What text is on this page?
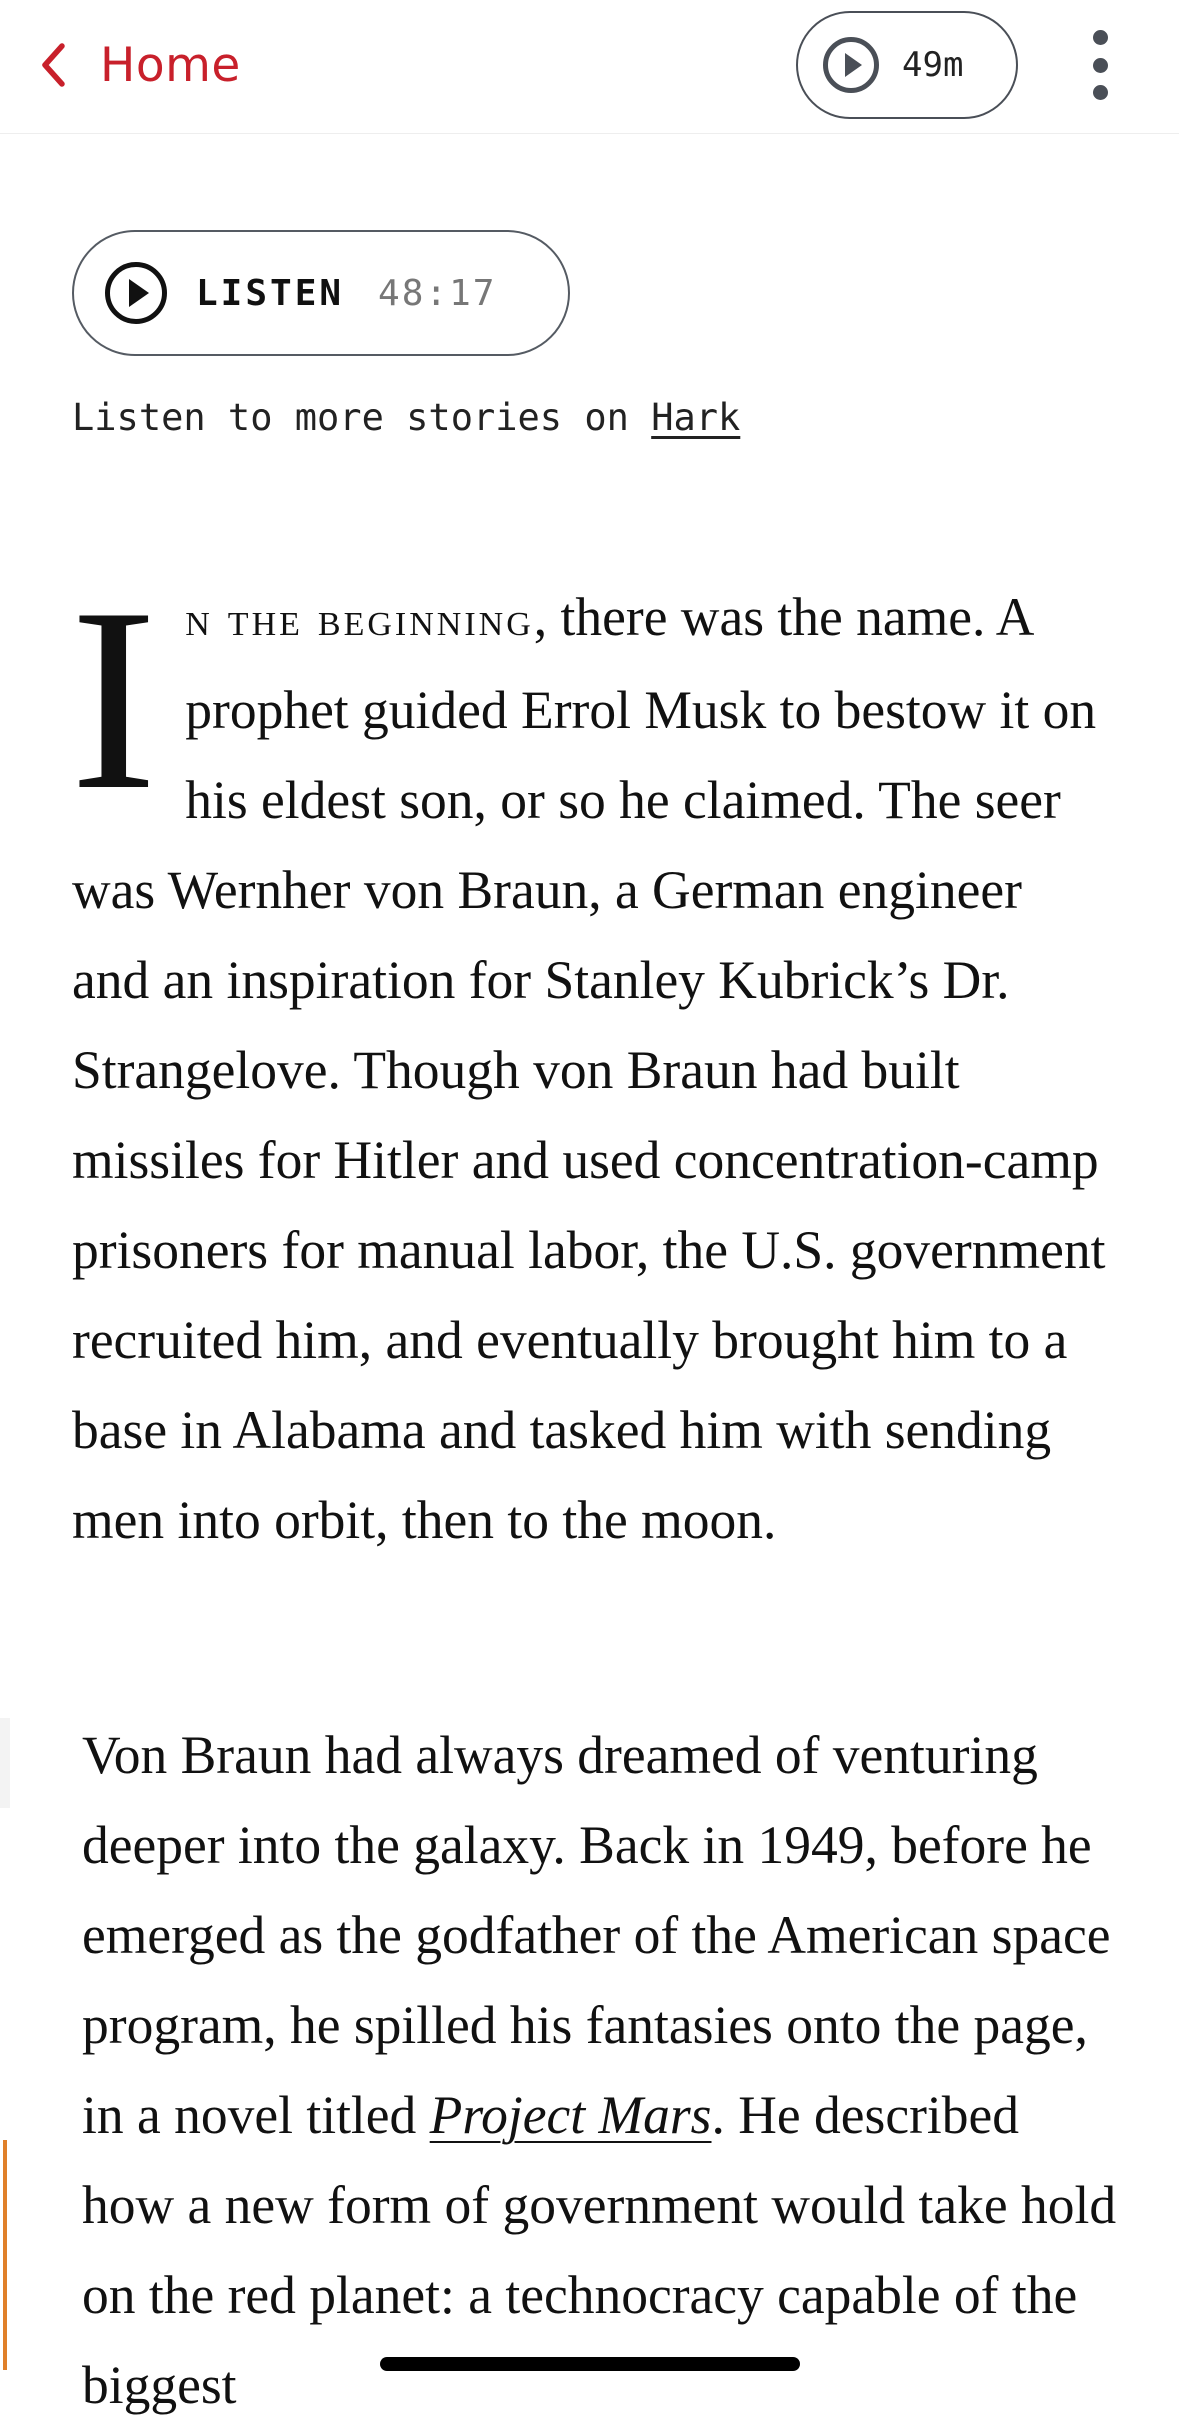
Home	49m
LISTEN 48:17
Listen to more stories on Hark

In the beginning, there was the name. A prophet guided Errol Musk to bestow it on his eldest son, or so he claimed. The seer was Wernher von Braun, a German engineer and an inspiration for Stanley Kubrick’s Dr. Strangelove. Though von Braun had built missiles for Hitler and used concentration-camp prisoners for manual labor, the U.S. government recruited him, and eventually brought him to a base in Alabama and tasked him with sending men into orbit, then to the moon.

Von Braun had always dreamed of venturing deeper into the galaxy. Back in 1949, before he emerged as the godfather of the American space program, he spilled his fantasies onto the page, in a novel titled Project Mars. He described how a new form of government would take hold on the red planet: a technocracy capable of the biggest
